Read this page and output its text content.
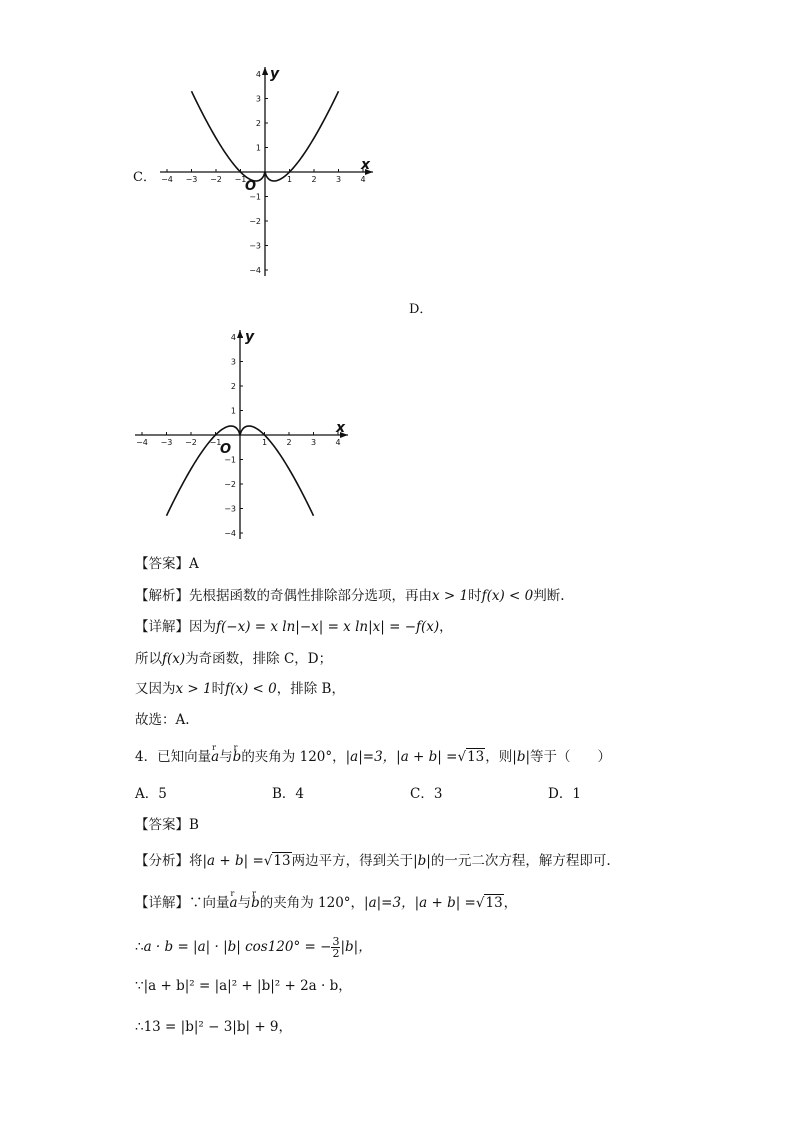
C． −4 −3 −2 −1	1 2 3 4
4
3
2
1
−1
−2
−3
−4
x
y
O
D．
−4 −3 −2 −1	1 2 3 4
4
3
2
1
−1
−2
−3
−4
x
y
O
【答案】A
【解析】先根据函数的奇偶性排除部分选项，再由x > 1时f(x) < 0判断.
【详解】因为f(−x) = x ln|−x| = x ln|x| = −f(x)，
所以f(x)为奇函数，排除 C，D；
又因为x > 1时f(x) < 0，排除 B，
故选：A.
4．已知向量r a与r b的夹角为 120°，|a|=3，|a + b| =√13，则|b|等于（　　）
A．5	B．4	C．3	D．1
【答案】B
【分析】将|a + b| =√13两边平方，得到关于|b|的一元二次方程，解方程即可.
【详解】∵向量r a与r b的夹角为 120°，|a|=3，|a + b| =√13，
∴a · b = |a| · |b| cos120° = − $\frac{3}{2} |b|$，
∵|a + b|² = |a|² + |b|² + 2a · b，
∴13 = |b|² − 3|b| + 9，
